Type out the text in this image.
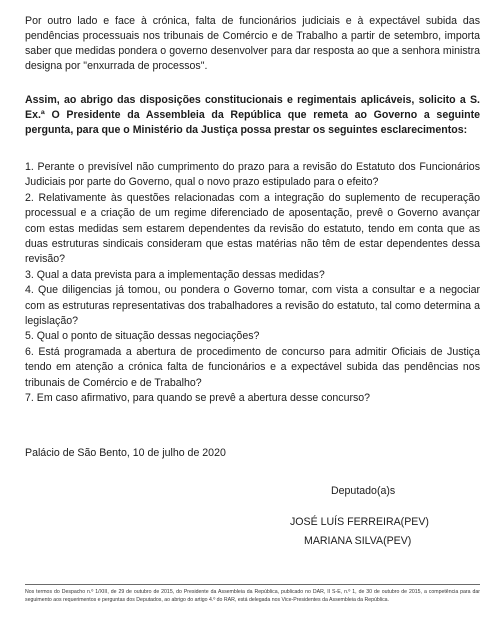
Por outro lado e face à crónica, falta de funcionários judiciais e à expectável subida das pendências processuais nos tribunais de Comércio e de Trabalho a partir de setembro, importa saber que medidas pondera o governo desenvolver para dar resposta ao que a senhora ministra designa por "enxurrada de processos".

Assim, ao abrigo das disposições constitucionais e regimentais aplicáveis, solicito a S. Ex.ª O Presidente da Assembleia da República que remeta ao Governo a seguinte pergunta, para que o Ministério da Justiça possa prestar os seguintes esclarecimentos:

1. Perante o previsível não cumprimento do prazo para a revisão do Estatuto dos Funcionários Judiciais por parte do Governo, qual o novo prazo estipulado para o efeito?

2. Relativamente às questões relacionadas com a integração do suplemento de recuperação processual e a criação de um regime diferenciado de aposentação, prevê o Governo avançar com estas medidas sem estarem dependentes da revisão do estatuto, tendo em conta que as duas estruturas sindicais consideram que estas matérias não têm de estar dependentes dessa revisão?

3. Qual a data prevista para a implementação dessas medidas?

4. Que diligencias já tomou, ou pondera o Governo tomar, com vista a consultar e a negociar com as estruturas representativas dos trabalhadores a revisão do estatuto, tal como determina a legislação?

5. Qual o ponto de situação dessas negociações?

6. Está programada a abertura de procedimento de concurso para admitir Oficiais de Justiça tendo em atenção a crónica falta de funcionários e a expectável subida das pendências nos tribunais de Comércio e de Trabalho?

7. Em caso afirmativo, para quando se prevê a abertura desse concurso?

Palácio de São Bento, 10 de julho de 2020

Deputado(a)s
JOSÉ LUÍS FERREIRA(PEV)
MARIANA SILVA(PEV)

Nos termos do Despacho n.º 1/XIII, de 29 de outubro de 2015, do Presidente da Assembleia da República, publicado no DAR, II S-E, n.º 1, de 30 de outubro de 2015, a competência para dar seguimento aos requerimentos e perguntas dos Deputados, ao abrigo do artigo 4.º do RAR, está delegada nos Vice-Presidentes da Assembleia da República.
